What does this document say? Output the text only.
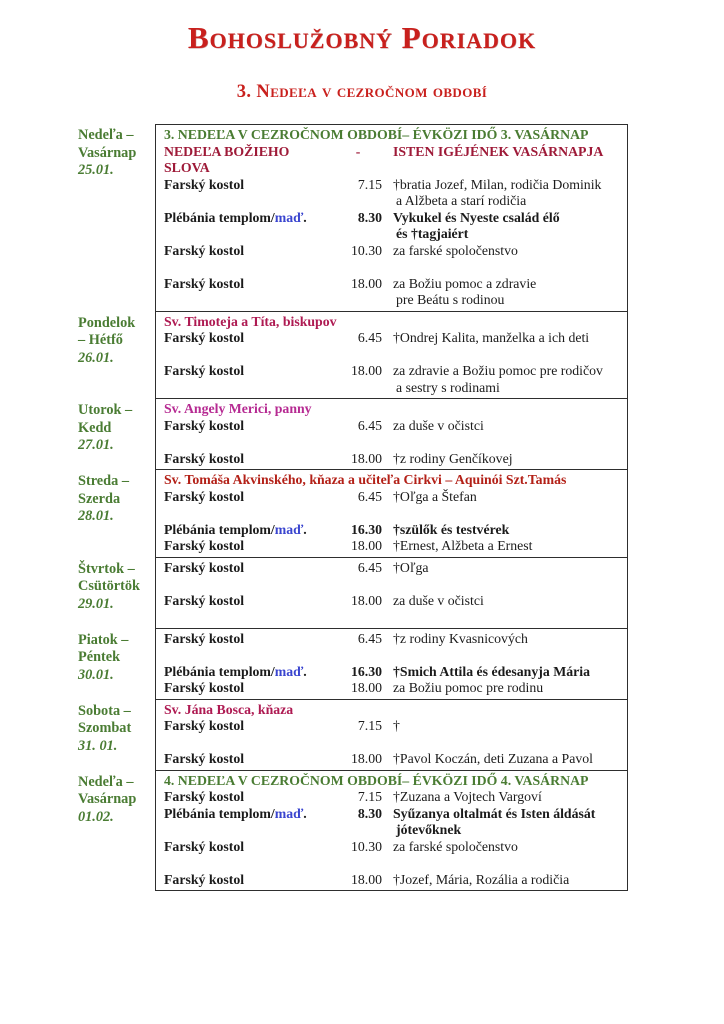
Bohoslužobný Poriadok
3. Nedeľa v cezročnom období
Nedeľa –
Vasárnap
25.01.
3. NEDEĽA V CEZROČNOM OBDOBÍ– ÉVKÖZI IDŐ 3. VASÁRNAP
NEDEĽA BOŽIEHO SLOVA
-	ISTEN IGÉJÉNEK VASÁRNAPJA
Farský kostol	7.15 †bratia Jozef, Milan, rodičia Dominik
a Alžbeta a starí rodičia
Plébánia templom/maď.	8.30 Vykukel és Nyeste család élő
és †tagjaiért
Farský kostol	10.30 za farské spoločenstvo
Farský kostol	18.00 za Božiu pomoc a zdravie
pre Beátu s rodinou
Pondelok
– Hétfő
26.01.
Sv. Timoteja a Títa, biskupov
Farský kostol	6.45 †Ondrej Kalita, manželka a ich deti
Farský kostol	18.00 za zdravie a Božiu pomoc pre rodičov
a sestry s rodinami
Utorok –
Kedd
27.01.
Sv. Angely Merici, panny
Farský kostol	6.45 za duše v očistci
Farský kostol	18.00 †z rodiny Genčíkovej
Streda –
Szerda
28.01.
Sv. Tomáša Akvinského, kňaza a učiteľa Cirkvi – Aquinói Szt.Tamás
Farský kostol	6.45 †Oľga a Štefan
Plébánia templom/maď.	16.30 †szülők és testvérek
Farský kostol	18.00 †Ernest, Alžbeta a Ernest
Štvrtok –
Csütörtök
29.01.
Farský kostol	6.45 †Oľga
Farský kostol	18.00 za duše v očistci
Piatok –
Péntek
30.01.
Farský kostol	6.45 †z rodiny Kvasnicových
Plébánia templom/maď.	16.30 †Smich Attila és édesanyja Mária
Farský kostol	18.00 za Božiu pomoc pre rodinu
Sobota –
Szombat
31. 01.
Sv. Jána Bosca, kňaza
Farský kostol	7.15 †
Farský kostol	18.00 †Pavol Koczán, deti Zuzana a Pavol
Nedeľa –
Vasárnap
01.02.
4. NEDEĽA V CEZROČNOM OBDOBÍ– ÉVKÖZI IDŐ 4. VASÁRNAP
Farský kostol	7.15 †Zuzana a Vojtech Vargoví
Plébánia templom/maď.	8.30 Syűzanya oltalmát és Isten áldását
jótevőknek
Farský kostol	10.30 za farské spoločenstvo
Farský kostol	18.00 †Jozef, Mária, Rozália a rodičia
